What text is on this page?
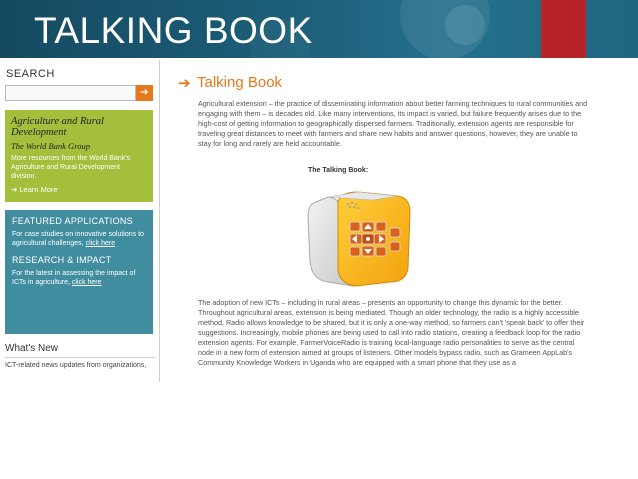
TALKING BOOK
SEARCH
➔
Agriculture and Rural Development
The World Bank Group
More resources from the World Bank's Agriculture and Rural Development division.
➔ Learn More
FEATURED APPLICATIONS
For case studies on innovative solutions to agricultural challenges, click here
RESEARCH & IMPACT
For the latest in assessing the impact of ICTs in agriculture, click here
What's New
ICT-related news updates from organizations,
➔ Talking Book
Agricultural extension – the practice of disseminating information about better farming techniques to rural communities and engaging with them – is decades old. Like many interventions, its impact is varied, but failure frequently arises due to the high-cost of getting information to geographically dispersed farmers. Traditionally, extension agents are responsible for traveling great distances to meet with farmers and share new habits and answer questions, however, they are unable to stay for long and rarely are held accountable.
The Talking Book:
The adoption of new ICTs – including in rural areas – presents an opportunity to change this dynamic for the better. Throughout agricultural areas, extension is being mediated. Though an older technology, the radio is a highly accessible method. Radio allows knowledge to be shared, but it is only a one-way method, so farmers can't 'speak back' to offer their suggestions. Increasingly, mobile phones are being used to call into radio stations, creating a feedback loop for the radio extension agents. For example, FarmerVoiceRadio is training local-language radio personalities to serve as the central node in a new form of extension aimed at groups of listeners. Other models bypass radio, such as Grameen AppLab's Community Knowledge Workers in Uganda who are equipped with a smart phone that they use as a
